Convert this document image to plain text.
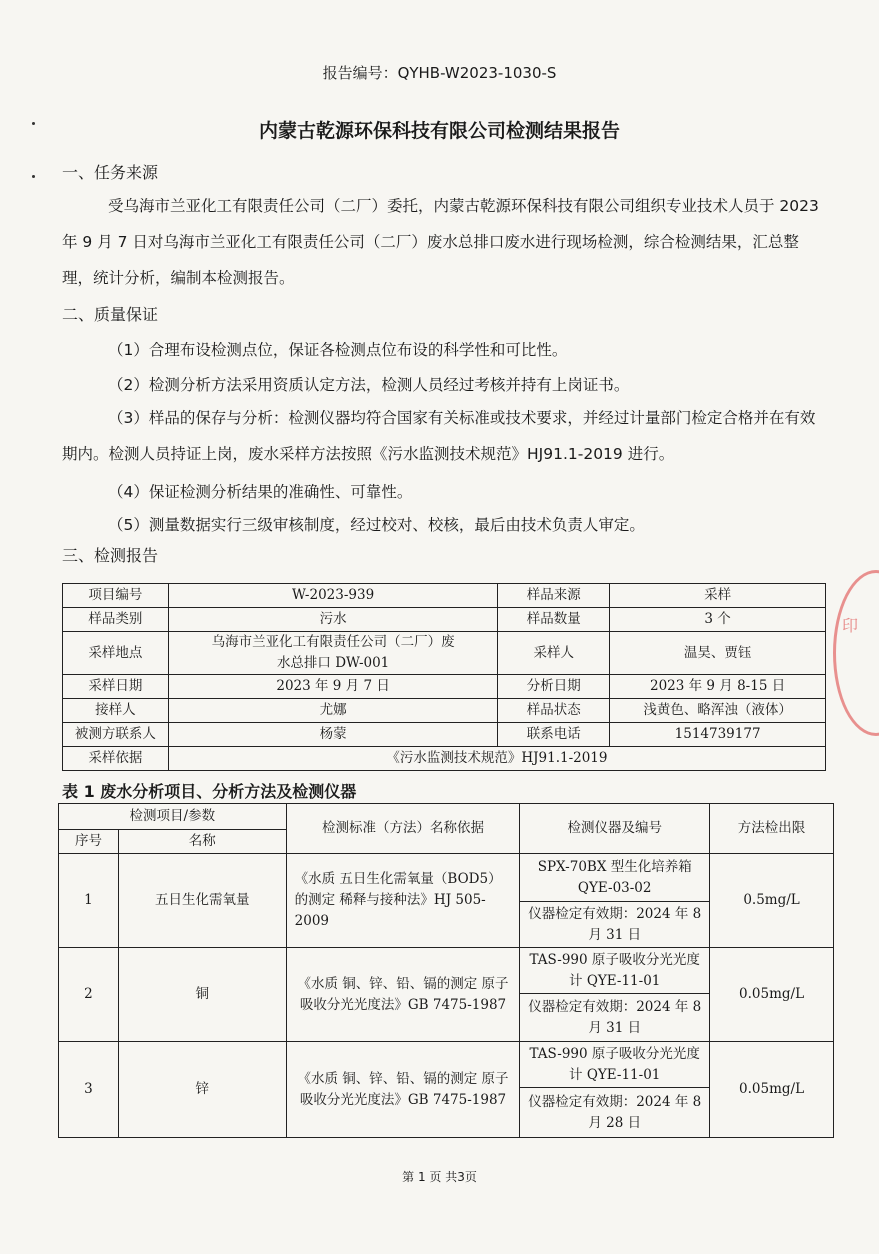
报告编号：QYHB-W2023-1030-S
内蒙古乾源环保科技有限公司检测结果报告
一、任务来源
受乌海市兰亚化工有限责任公司（二厂）委托，内蒙古乾源环保科技有限公司组织专业技术人员于 2023 年 9 月 7 日对乌海市兰亚化工有限责任公司（二厂）废水总排口废水进行现场检测，综合检测结果，汇总整理，统计分析，编制本检测报告。
二、质量保证
（1）合理布设检测点位，保证各检测点位布设的科学性和可比性。
（2）检测分析方法采用资质认定方法，检测人员经过考核并持有上岗证书。
（3）样品的保存与分析：检测仪器均符合国家有关标准或技术要求，并经过计量部门检定合格并在有效期内。检测人员持证上岗，废水采样方法按照《污水监测技术规范》HJ91.1-2019 进行。
（4）保证检测分析结果的准确性、可靠性。
（5）测量数据实行三级审核制度，经过校对、校核，最后由技术负责人审定。
三、检测报告
项目编号	W-2023-939	样品来源	采样
样品类别	污水	样品数量	3 个
采样地点	乌海市兰亚化工有限责任公司（二厂）废水总排口 DW-001	采样人	温昊、贾钰
采样日期	2023 年 9 月 7 日	分析日期	2023 年 9 月 8-15 日
接样人	尤娜	样品状态	浅黄色、略浑浊（液体）
被测方联系人	杨蒙	联系电话	1514739177
采样依据	《污水监测技术规范》HJ91.1-2019		
表 1 废水分析项目、分析方法及检测仪器
检测项目/参数		检测标准（方法）名称依据	检测仪器及编号	方法检出限
序号	名称			
1	五日生化需氧量	《水质 五日生化需氧量（BOD5）的测定 稀释与接种法》HJ 505-2009	SPX-70BX 型生化培养箱 QYE-03-02	0.5mg/L
			仪器检定有效期：2024 年 8 月 31 日	
2	铜	《水质 铜、锌、铅、镉的测定 原子吸收分光光度法》GB 7475-1987	TAS-990 原子吸收分光光度计 QYE-11-01	0.05mg/L
			仪器检定有效期：2024 年 8 月 31 日	
3	锌	《水质 铜、锌、铅、镉的测定 原子吸收分光光度法》GB 7475-1987	TAS-990 原子吸收分光光度计 QYE-11-01	0.05mg/L
			仪器检定有效期：2024 年 8 月 28 日	
印
第 1 页 共3页
